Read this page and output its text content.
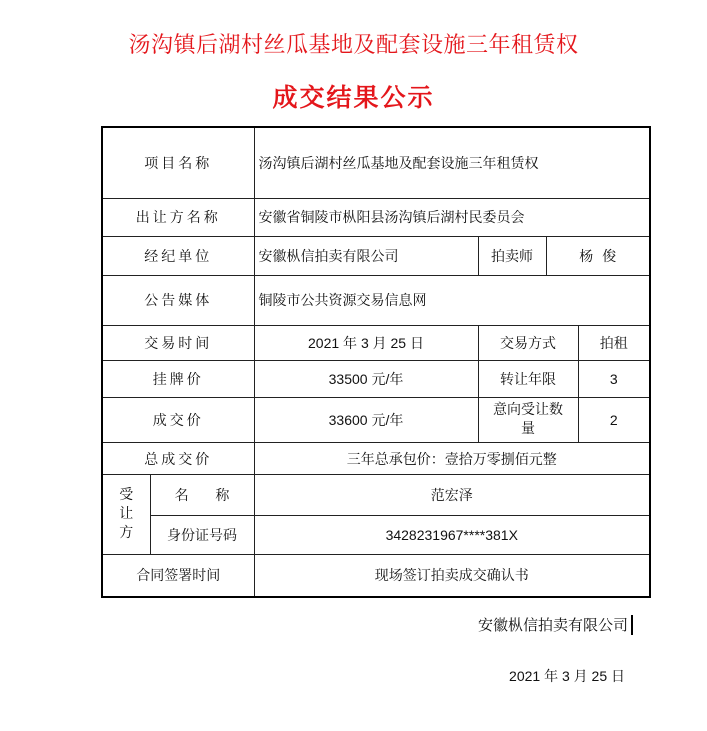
汤沟镇后湖村丝瓜基地及配套设施三年租赁权
成交结果公示
项目名称		汤沟镇后湖村丝瓜基地及配套设施三年租赁权			
出让方名称		安徽省铜陵市枞阳县汤沟镇后湖村民委员会			
经纪单位		安徽枞信拍卖有限公司	拍卖师	杨  俊	
公告媒体		铜陵市公共资源交易信息网			
交易时间		2021 年 3 月 25 日	交易方式		拍租
挂牌价		33500 元/年	转让年限		3
成交价		33600 元/年	意向受让数量		2
总成交价		三年总承包价：壹拾万零捌佰元整			
受让方	名      称	范宏泽			
	身份证号码	3428231967****381X			
合同签署时间		现场签订拍卖成交确认书			
安徽枞信拍卖有限公司
2021 年 3 月 25 日
